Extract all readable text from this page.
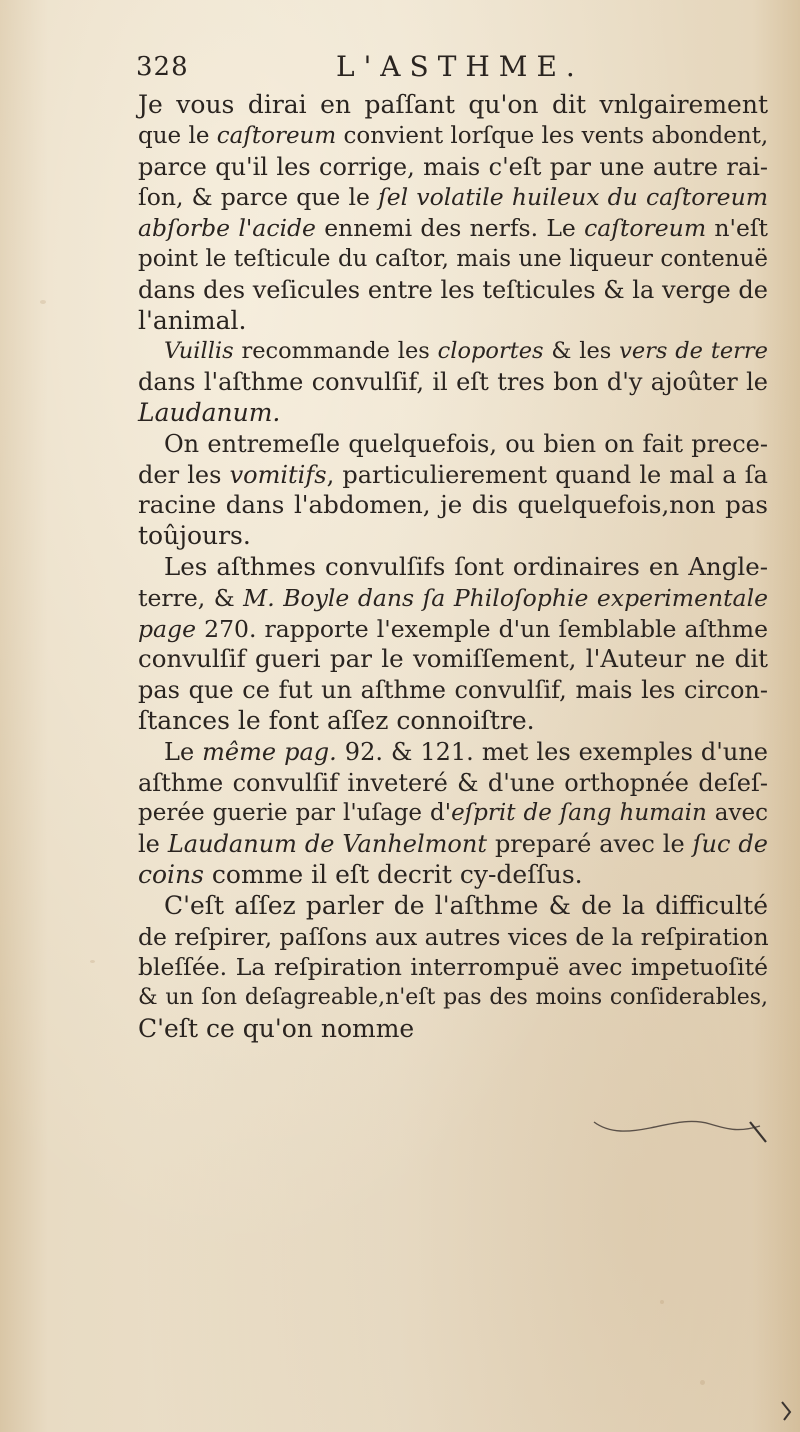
328	L'ASTHME.
Je vous dirai en paſſant qu'on dit vnlgairement
que le caſtoreum convient lorſque les vents abondent,
parce qu'il les corrige, mais c'eſt par une autre rai-
ſon, & parce que le ſel volatile huileux du caſtoreum
abſorbe l'acide ennemi des nerfs. Le caſtoreum n'eſt
point le teſticule du caſtor, mais une liqueur contenuë
dans des veſicules entre les teſticules & la verge de
l'animal.
Vuillis recommande les cloportes & les vers de terre
dans l'aſthme convulſif, il eſt tres bon d'y ajoûter le
Laudanum.
On entremeſle quelquefois, ou bien on fait prece-
der les vomitifs, particulierement quand le mal a ſa
racine dans l'abdomen, je dis quelquefois,non pas
toûjours.
Les aſthmes convulſifs ſont ordinaires en Angle-
terre, & M. Boyle dans ſa Philoſophie experimentale
page 270. rapporte l'exemple d'un ſemblable aſthme
convulſif gueri par le vomiſſement, l'Auteur ne dit
pas que ce fut un aſthme convulſif, mais les circon-
ſtances le font aſſez connoiſtre.
Le même pag. 92. & 121. met les exemples d'une
aſthme convulſif inveteré & d'une orthopnée deſeſ-
perée guerie par l'uſage d'eſprit de ſang humain avec
le Laudanum de Vanhelmont preparé avec le ſuc de
coins comme il eſt decrit cy-deſſus.
C'eſt aſſez parler de l'aſthme & de la difficulté
de reſpirer, paſſons aux autres vices de la reſpiration
bleſſée. La reſpiration interrompuë avec impetuoſité
& un ſon deſagreable,n'eſt pas des moins conſiderables,
C'eſt ce qu'on nomme
